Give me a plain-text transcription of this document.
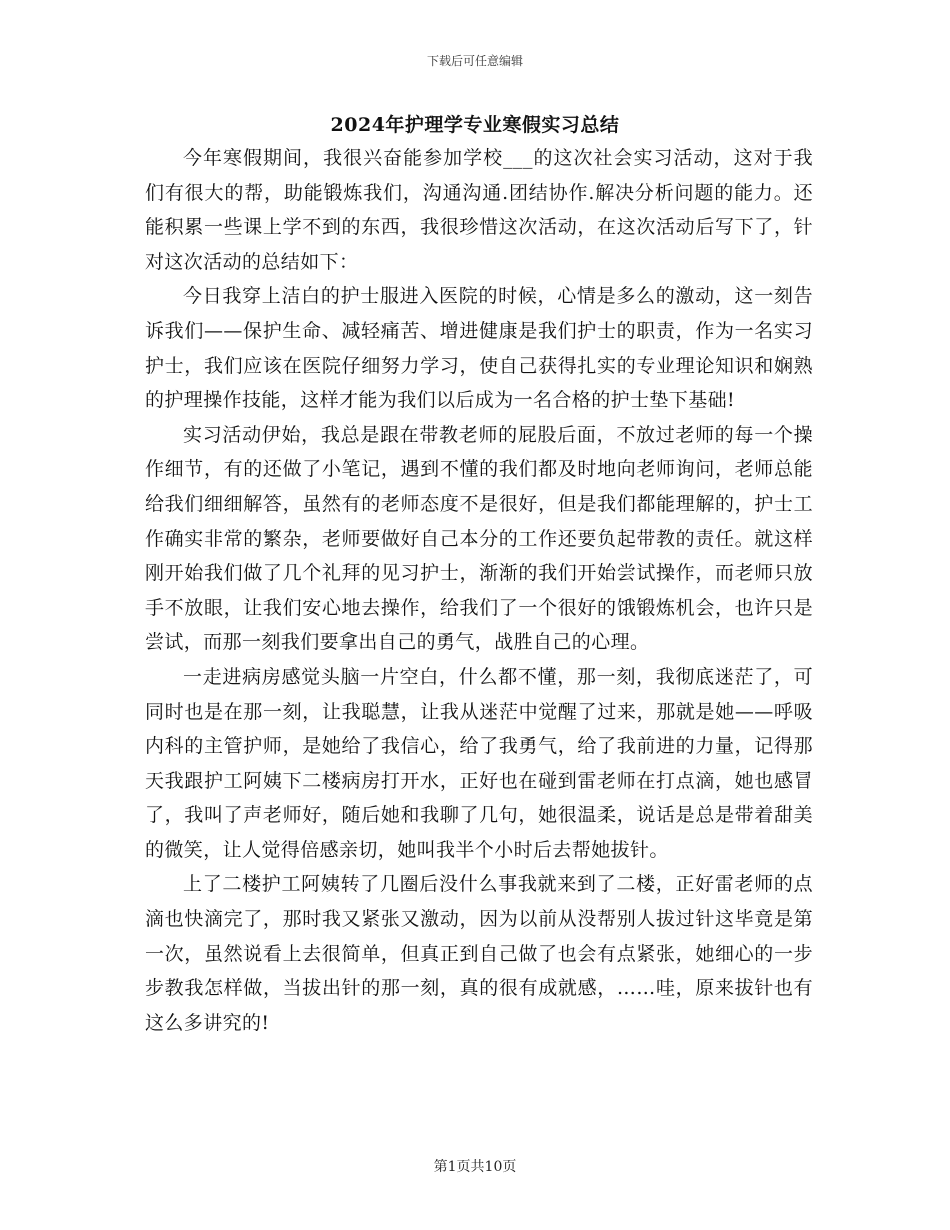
下载后可任意编辑
2024年护理学专业寒假实习总结

今年寒假期间，我很兴奋能参加学校___的这次社会实习活动，这对于我们有很大的帮，助能锻炼我们，沟通沟通.团结协作.解决分析问题的能力。还能积累一些课上学不到的东西，我很珍惜这次活动，在这次活动后写下了，针对这次活动的总结如下：

今日我穿上洁白的护士服进入医院的时候，心情是多么的激动，这一刻告诉我们——保护生命、减轻痛苦、增进健康是我们护士的职责，作为一名实习护士，我们应该在医院仔细努力学习，使自己获得扎实的专业理论知识和娴熟的护理操作技能，这样才能为我们以后成为一名合格的护士垫下基础!

实习活动伊始，我总是跟在带教老师的屁股后面，不放过老师的每一个操作细节，有的还做了小笔记，遇到不懂的我们都及时地向老师询问，老师总能给我们细细解答，虽然有的老师态度不是很好，但是我们都能理解的，护士工作确实非常的繁杂，老师要做好自己本分的工作还要负起带教的责任。就这样刚开始我们做了几个礼拜的见习护士，渐渐的我们开始尝试操作，而老师只放手不放眼，让我们安心地去操作，给我们了一个很好的饿锻炼机会，也许只是尝试，而那一刻我们要拿出自己的勇气，战胜自己的心理。

一走进病房感觉头脑一片空白，什么都不懂，那一刻，我彻底迷茫了，可同时也是在那一刻，让我聪慧，让我从迷茫中觉醒了过来，那就是她——呼吸内科的主管护师，是她给了我信心，给了我勇气，给了我前进的力量，记得那天我跟护工阿姨下二楼病房打开水，正好也在碰到雷老师在打点滴，她也感冒了，我叫了声老师好，随后她和我聊了几句，她很温柔，说话是总是带着甜美的微笑，让人觉得倍感亲切，她叫我半个小时后去帮她拔针。

上了二楼护工阿姨转了几圈后没什么事我就来到了二楼，正好雷老师的点滴也快滴完了，那时我又紧张又激动，因为以前从没帮别人拔过针这毕竟是第一次，虽然说看上去很简单，但真正到自己做了也会有点紧张，她细心的一步步教我怎样做，当拔出针的那一刻，真的很有成就感，……哇，原来拔针也有这么多讲究的!

第1页共10页
